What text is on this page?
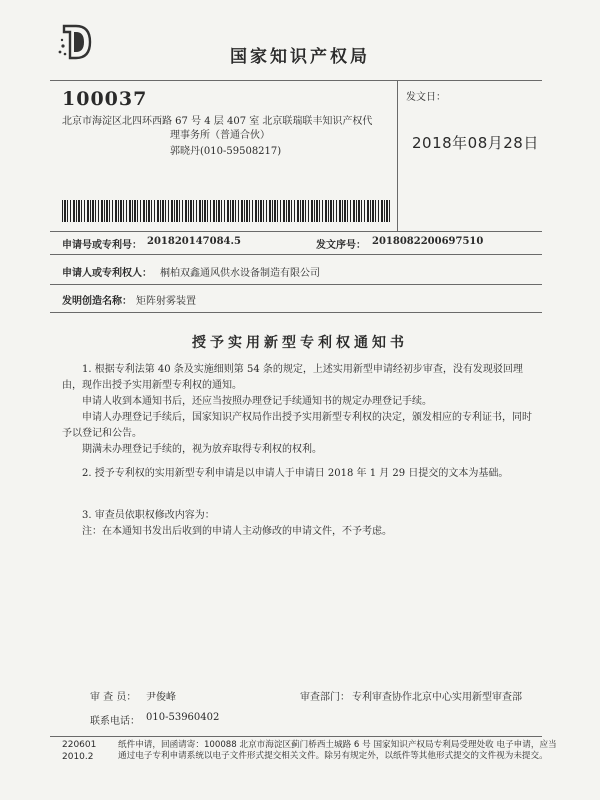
国家知识产权局
100037
北京市海淀区北四环西路 67 号 4 层 407 室 北京联瑞联丰知识产权代
理事务所（普通合伙）
郭晓丹(010-59508217)
发文日：
2018年08月28日
申请号或专利号： 201820147084.5	发文序号： 2018082200697510
申请人或专利权人： 桐柏双鑫通风供水设备制造有限公司
发明创造名称： 矩阵射雾装置
授予实用新型专利权通知书
1. 根据专利法第 40 条及实施细则第 54 条的规定，上述实用新型申请经初步审查，没有发现驳回理由，现作出授予实用新型专利权的通知。
申请人收到本通知书后，还应当按照办理登记手续通知书的规定办理登记手续。
申请人办理登记手续后，国家知识产权局作出授予实用新型专利权的决定，颁发相应的专利证书，同时予以登记和公告。
期满未办理登记手续的，视为放弃取得专利权的权利。
2. 授予专利权的实用新型专利申请是以申请人于申请日 2018 年 1 月 29 日提交的文本为基础。
3. 审查员依职权修改内容为：
注：在本通知书发出后收到的申请人主动修改的申请文件，不予考虑。
审 查 员： 尹俊峰	审查部门： 专利审查协作北京中心实用新型审查部
联系电话： 010-53960402
220601
2010.2
纸件申请，回函请寄：100088 北京市海淀区蓟门桥西土城路 6 号 国家知识产权局专利局受理处收 电子申请，应当通过电子专利申请系统以电子文件形式提交相关文件。除另有规定外，以纸件等其他形式提交的文件视为未提交。
